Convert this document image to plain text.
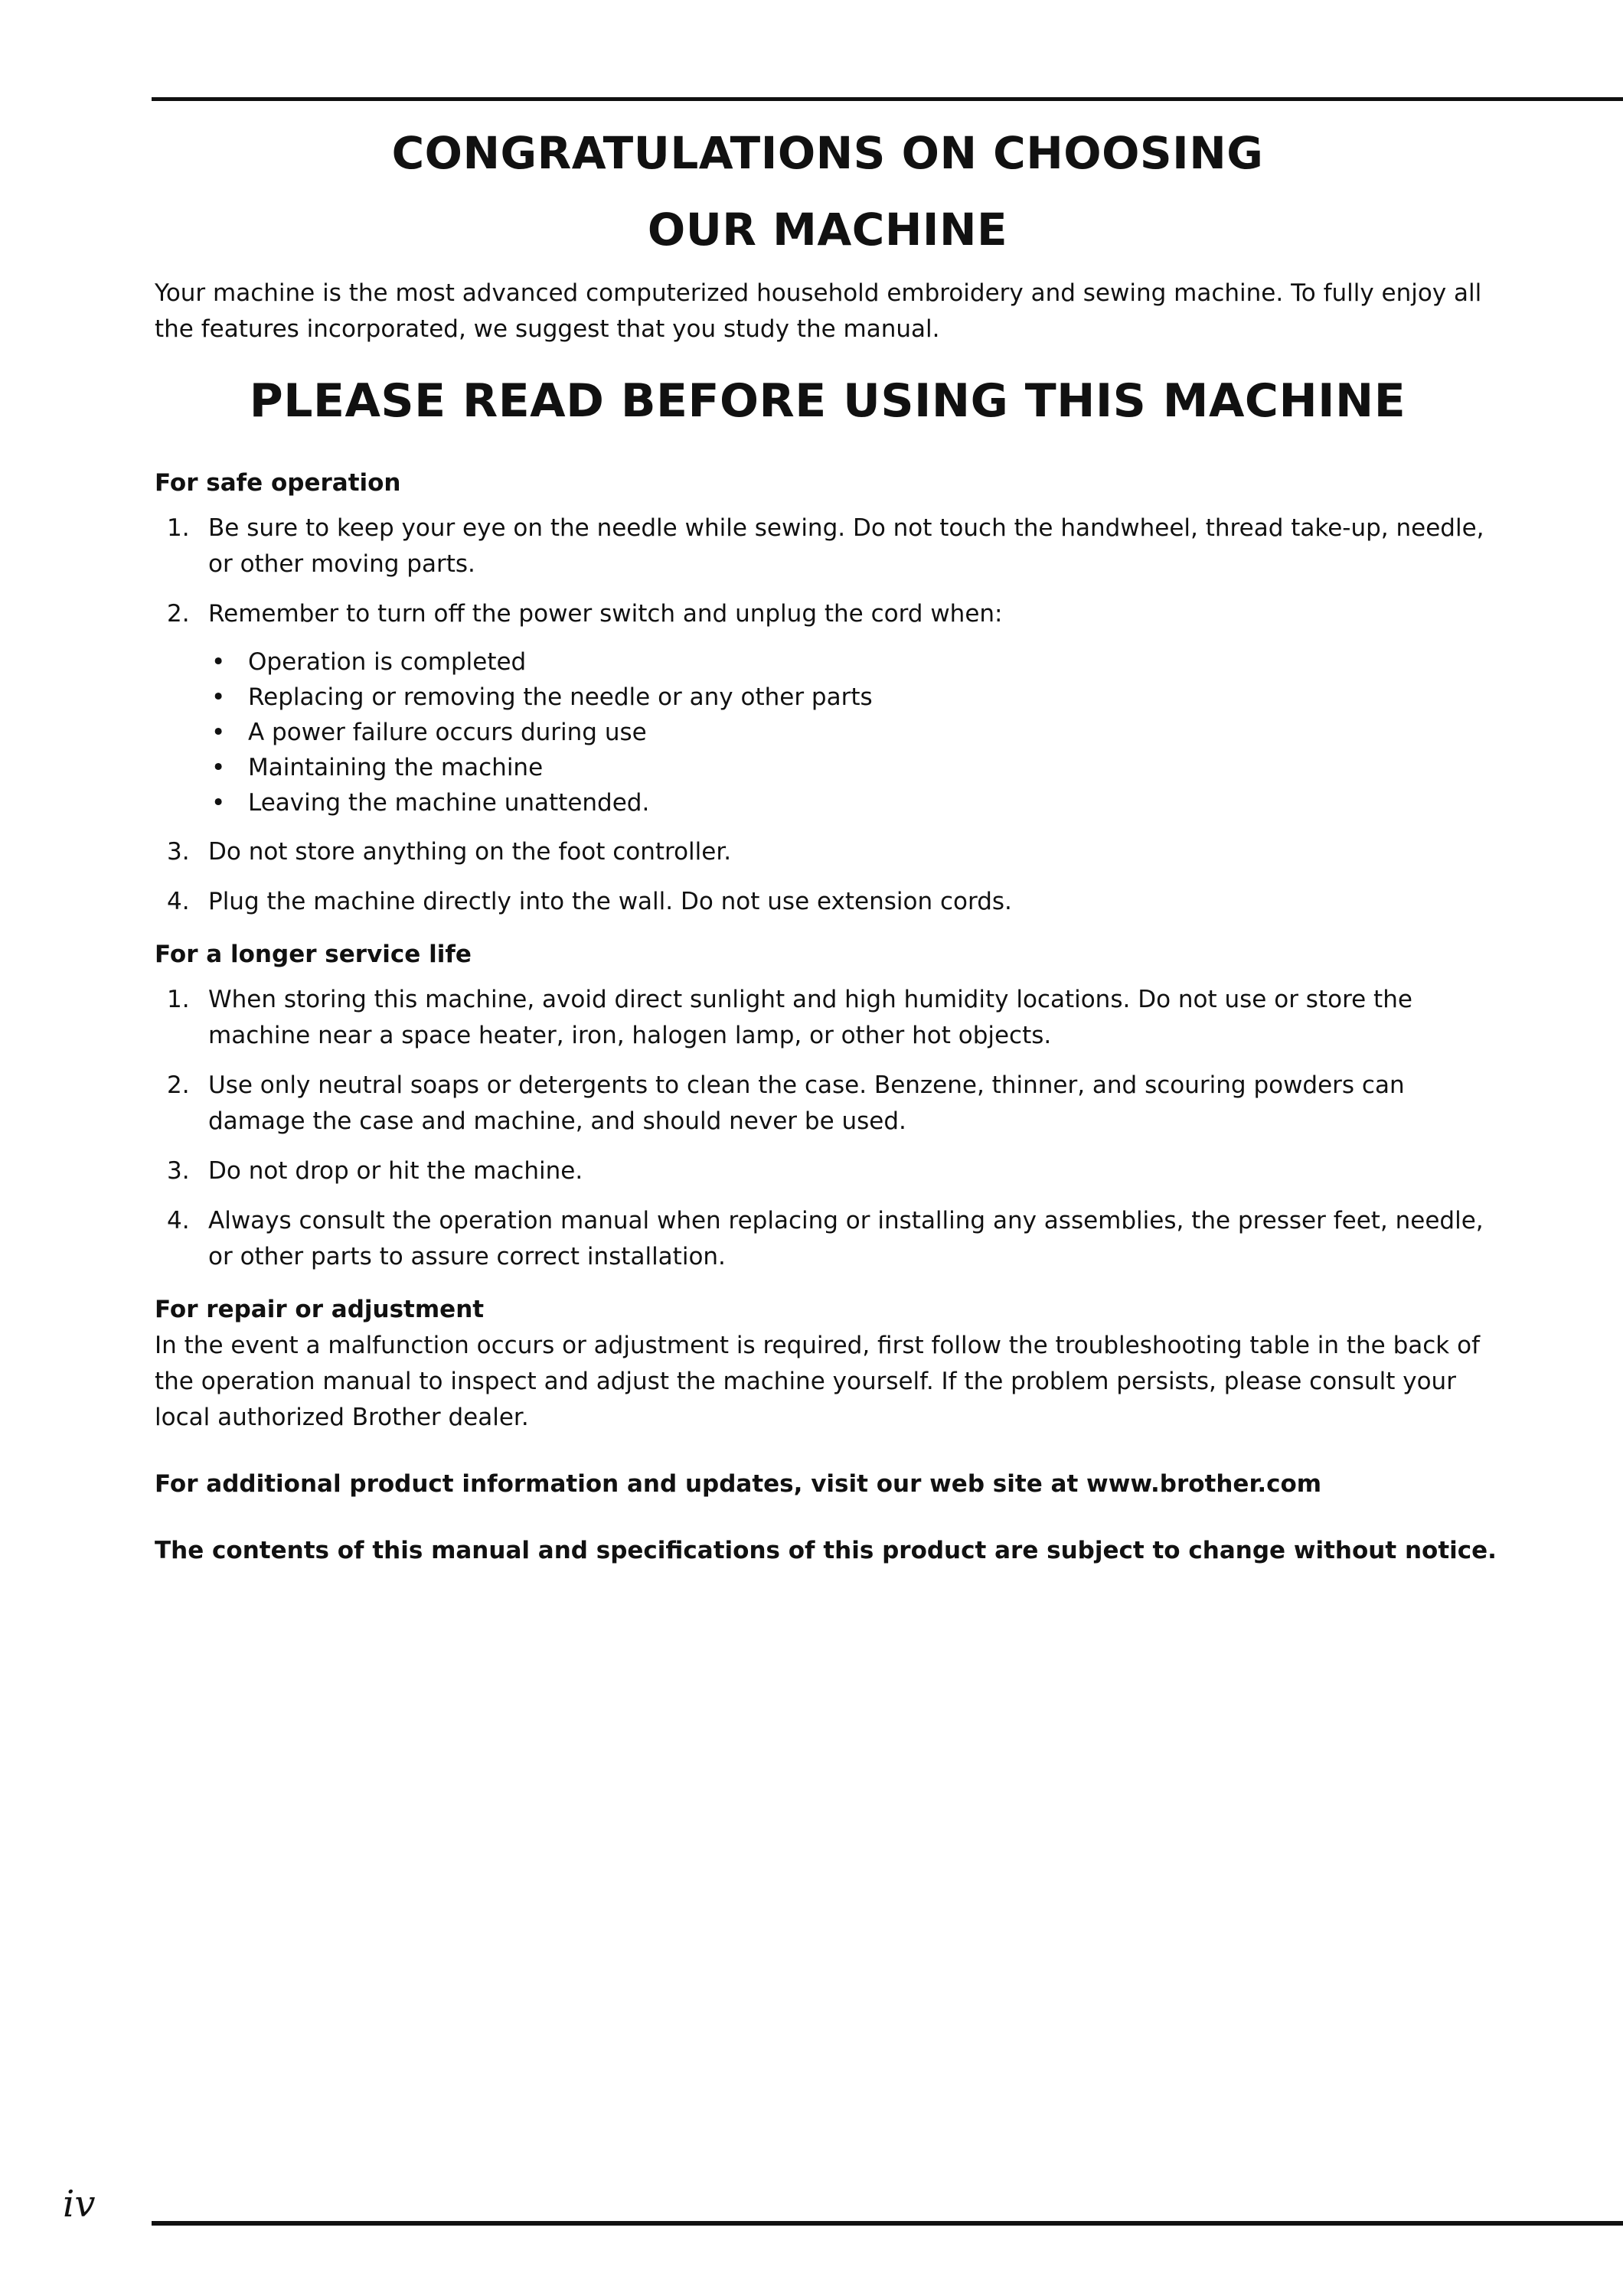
CONGRATULATIONS ON CHOOSING OUR MACHINE

Your machine is the most advanced computerized household embroidery and sewing machine. To fully enjoy all the features incorporated, we suggest that you study the manual.

PLEASE READ BEFORE USING THIS MACHINE

For safe operation

1. Be sure to keep your eye on the needle while sewing. Do not touch the handwheel, thread take-up, needle, or other moving parts.
2. Remember to turn off the power switch and unplug the cord when:
• Operation is completed
• Replacing or removing the needle or any other parts
• A power failure occurs during use
• Maintaining the machine
• Leaving the machine unattended.
3. Do not store anything on the foot controller.
4. Plug the machine directly into the wall. Do not use extension cords.

For a longer service life

1. When storing this machine, avoid direct sunlight and high humidity locations. Do not use or store the machine near a space heater, iron, halogen lamp, or other hot objects.
2. Use only neutral soaps or detergents to clean the case. Benzene, thinner, and scouring powders can damage the case and machine, and should never be used.
3. Do not drop or hit the machine.
4. Always consult the operation manual when replacing or installing any assemblies, the presser feet, needle, or other parts to assure correct installation.

For repair or adjustment

In the event a malfunction occurs or adjustment is required, first follow the troubleshooting table in the back of the operation manual to inspect and adjust the machine yourself. If the problem persists, please consult your local authorized Brother dealer.

For additional product information and updates, visit our web site at www.brother.com

The contents of this manual and specifications of this product are subject to change without notice.

iv
